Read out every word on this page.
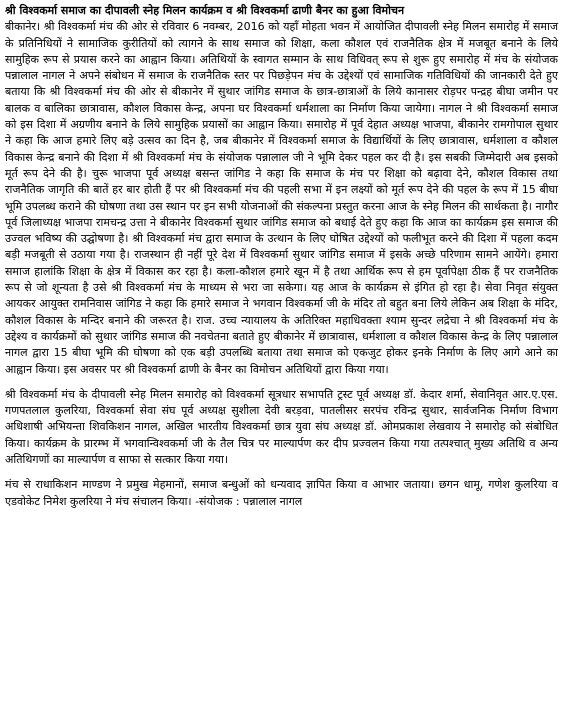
श्री विश्वकर्मा समाज का दीपावली स्नेह मिलन कार्यक्रम व श्री विश्वकर्मा ढाणी बैनर का हुआ विमोचन

बीकानेर। श्री विश्वकर्मा मंच की ओर से रविवार 6 नवम्बर, 2016 को यहाँ मोहता भवन में आयोजित दीपावली स्नेह मिलन समारोह में समाज के प्रतिनिधियों ने सामाजिक कुरीतियों को त्यागने के साथ समाज को शिक्षा, कला कौशल एवं राजनैतिक क्षेत्र में मजबूत बनाने के लिये सामुहिक रूप से प्रयास करने का आह्वान किया। अतिथियों के स्वागत सम्मान के साथ विधिवत् रूप से शुरू हुए समारोह में मंच के संयोजक पन्नालाल नागल ने अपने संबोधन में समाज के राजनैतिक स्तर पर पिछड़ेपन मंच के उद्देश्यों एवं सामाजिक गतिविधियों की जानकारी देते हुए बताया कि श्री विश्वकर्मा मंच की ओर से बीकानेर में सुथार जांगिड समाज के छात्र-छात्राओं के लिये कानासर रोड़पर पन्द्रह बीघा जमीन पर बालक व बालिका छात्रावास, कौशल विकास केन्द्र, अपना घर विश्वकर्मा धर्मशाला का निर्माण किया जायेगा। नागल ने श्री विश्वकर्मा समाज को इस दिशा में अग्रणीय बनाने के लिये सामुहिक प्रयासों का आह्वान किया। समारोह में पूर्व देहात अध्यक्ष भाजपा, बीकानेर रामगोपाल सुथार ने कहा कि आज हमारे लिए बड़े उत्सव का दिन है, जब बीकानेर में विश्वकर्मा समाज के विद्यार्थियों के लिए छात्रावास, धर्मशाला व कौशल विकास केन्द्र बनाने की दिशा में श्री विश्वकर्मा मंच के संयोजक पन्नालाल जी ने भूमि देकर पहल कर दी है। इस सबकी जिम्मेदारी अब इसको मूर्त रूप देने की है। चुरू भाजपा पूर्व अध्यक्ष बसन्त जांगिड ने कहा कि समाज के मंच पर शिक्षा को बढ़ावा देने, कौशल विकास तथा राजनैतिक जागृति की बातें हर बार होती हैं पर श्री विश्वकर्मा मंच की पहली सभा में इन लक्ष्यों को मूर्त रूप देने की पहल के रूप में 15 बीघा भूमि उपलब्ध कराने की घोषणा तथा उस स्थान पर इन सभी योजनाओं की संकल्पना प्रस्तुत करना आज के स्नेह मिलन की सार्थकता है। नागौर पूर्व जिलाध्यक्ष भाजपा रामचन्द्र उत्ता ने बीकानेर विश्वकर्मा सुथार जांगिड समाज को बधाई देते हुए कहा कि आज का कार्यक्रम इस समाज की उज्वल भविष्य की उद्घोषणा है। श्री विश्वकर्मा मंच द्वारा समाज के उत्थान के लिए घोषित उद्देश्यों को फलीभूत करने की दिशा में पहला कदम बड़ी मजबूती से उठाया गया है। राजस्थान ही नहीं पूरे देश में विश्वकर्मा सुथार जांगिड समाज में इसके अच्छे परिणाम सामने आयेंगे। हमारा समाज हालांकि शिक्षा के क्षेत्र में विकास कर रहा है। कला-कौशल हमारे खून में है तथा आर्थिक रूप से हम पूर्वापेक्षा ठीक हैं पर राजनैतिक रूप से जो शून्यता है उसे श्री विश्वकर्मा मंच के माध्यम से भरा जा सकेगा। यह आज के कार्यक्रम से इंगित हो रहा है। सेवा निवृत संयुक्त आयकर आयुक्त रामनिवास जांगिड ने कहा कि हमारे समाज ने भगवान विश्वकर्मा जी के मंदिर तो बहुत बना लिये लेकिन अब शिक्षा के मंदिर, कौशल विकास के मन्दिर बनाने की जरूरत है। राज. उच्च न्यायालय के अतिरिक्त महाधिवक्ता श्याम सुन्दर लद्रेचा ने श्री विश्वकर्मा मंच के उद्देश्य व कार्यक्रमों को सुथार जांगिड समाज की नवचेतना बताते हुए बीकानेर में छात्रावास, धर्मशाला व कौशल विकास केन्द्र के लिए पन्नालाल नागल द्वारा 15 बीघा भूमि की घोषणा को एक बड़ी उपलब्धि बताया तथा समाज को एकजुट होकर इनके निर्माण के लिए आगे आने का आह्वान किया। इस अवसर पर श्री विश्वकर्मा ढाणी के बैनर का विमोचन अतिथियों द्वारा किया गया।

श्री विश्वकर्मा मंच के दीपावली स्नेह मिलन समारोह को विश्वकर्मा सूत्रधार सभापति ट्रस्ट पूर्व अध्यक्ष डॉ. केदार शर्मा, सेवानिवृत आर.ए.एस. गणपतलाल कुलरिया, विश्वकर्मा सेवा संघ पूर्व अध्यक्ष सुशीला देवी बरड़वा, पातलीसर सरपंच रविन्द्र सुथार, सार्वजनिक निर्माण विभाग अधिशाषी अभियन्ता शिवकिशन नागल, अखिल भारतीय विश्वकर्मा छात्र युवा संघ अध्यक्ष डॉ. ओमप्रकाश लेखवाय ने समारोह को संबोधित किया। कार्यक्रम के प्रारम्भ में भगवान्विश्वकर्मा जी के तैल चित्र पर माल्यार्पण कर दीप प्रज्वलन किया गया तत्पश्चात् मुख्य अतिथि व अन्य अतिथिगणों का माल्यार्पण व साफा से सत्कार किया गया।

मंच से राधाकिशन माण्डण ने प्रमुख मेहमानों, समाज बन्धुओं को धन्यवाद ज्ञापित किया व आभार जताया। छगन धामू, गणेश कुलरिया व एडवोकेट निमेश कुलरिया ने मंच संचालन किया। -संयोजक : पन्नालाल नागल
